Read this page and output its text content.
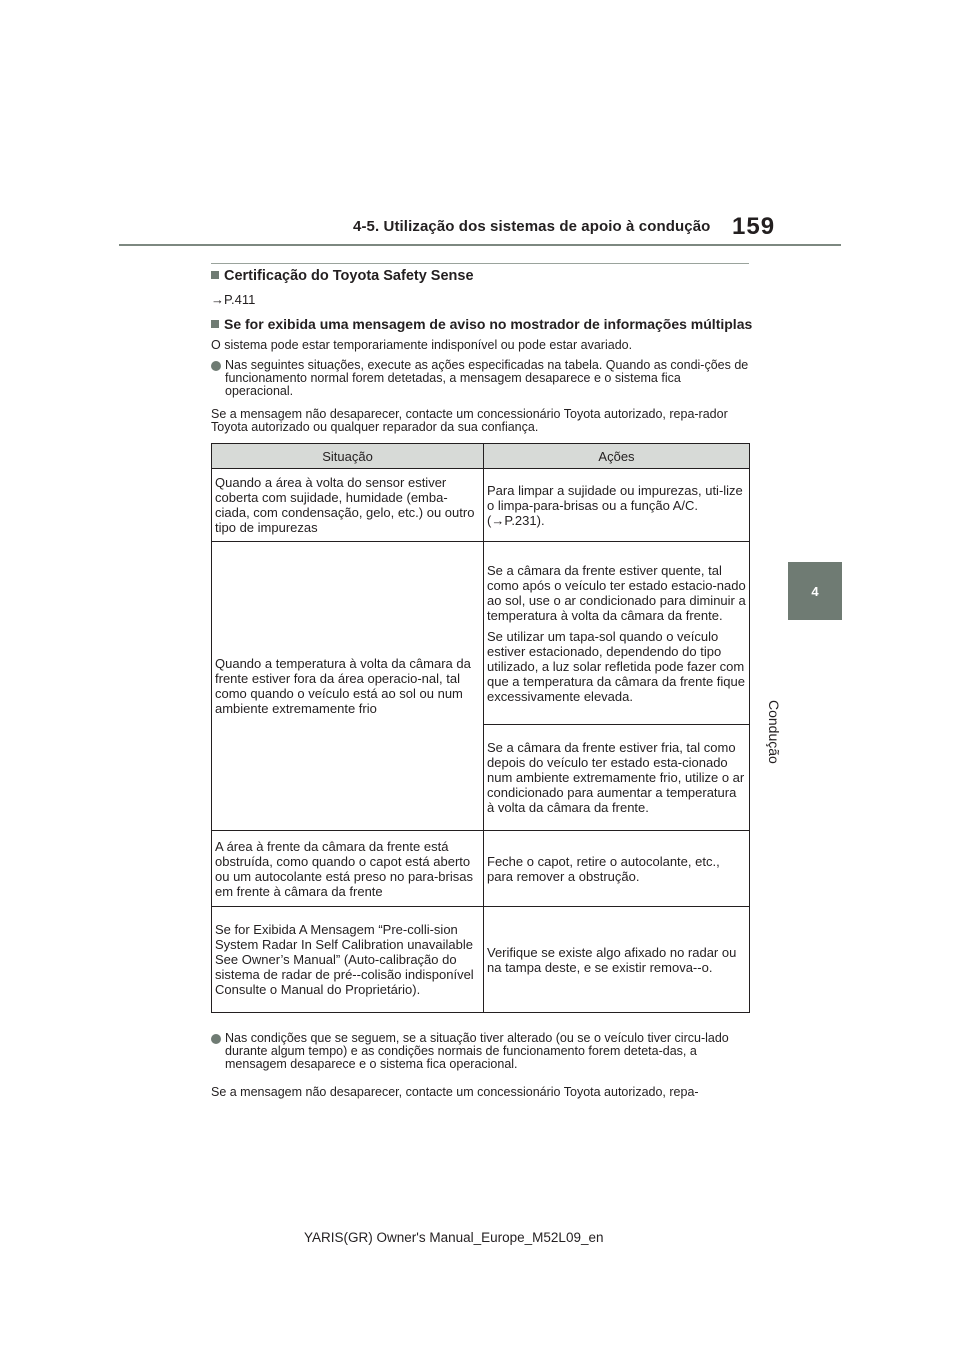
4-5. Utilização dos sistemas de apoio à condução 159
4
Condução
Certificação do Toyota Safety Sense
→P.411
Se for exibida uma mensagem de aviso no mostrador de informações múltiplas
O sistema pode estar temporariamente indisponível ou pode estar avariado.
Nas seguintes situações, execute as ações especificadas na tabela. Quando as condi-ções de funcionamento normal forem detetadas, a mensagem desaparece e o sistema fica operacional.
Se a mensagem não desaparecer, contacte um concessionário Toyota autorizado, repa-rador Toyota autorizado ou qualquer reparador da sua confiança.
Situação	Ações
Quando a área à volta do sensor estiver coberta com sujidade, humidade (emba-ciada, com condensação, gelo, etc.) ou outro tipo de impurezas	Para limpar a sujidade ou impurezas, uti-lize o limpa-para-brisas ou a função A/C. (→P.231).
Quando a temperatura à volta da câmara da frente estiver fora da área operacio-nal, tal como quando o veículo está ao sol ou num ambiente extremamente frio	Se a câmara da frente estiver quente, tal como após o veículo ter estado estacio-nado ao sol, use o ar condicionado para diminuir a temperatura à volta da câmara da frente.
Se utilizar um tapa-sol quando o veículo estiver estacionado, dependendo do tipo utilizado, a luz solar refletida pode fazer com que a temperatura da câmara da frente fique excessivamente elevada.

	Se a câmara da frente estiver fria, tal como depois do veículo ter estado esta-cionado num ambiente extremamente frio, utilize o ar condicionado para aumentar a temperatura à volta da câmara da frente.
A área à frente da câmara da frente está obstruída, como quando o capot está aberto ou um autocolante está preso no para-brisas em frente à câmara da frente	Feche o capot, retire o autocolante, etc., para remover a obstrução.
Se for Exibida A Mensagem “Pre-colli-sion System Radar In Self Calibration unavailable See Owner’s Manual” (Auto-calibração do sistema de radar de pré--colisão indisponível Consulte o Manual do Proprietário).	Verifique se existe algo afixado no radar ou na tampa deste, e se existir remova--o.
Nas condições que se seguem, se a situação tiver alterado (ou se o veículo tiver circu-lado durante algum tempo) e as condições normais de funcionamento forem deteta-das, a mensagem desaparece e o sistema fica operacional.
Se a mensagem não desaparecer, contacte um concessionário Toyota autorizado, repa-
YARIS(GR) Owner's Manual_Europe_M52L09_en
